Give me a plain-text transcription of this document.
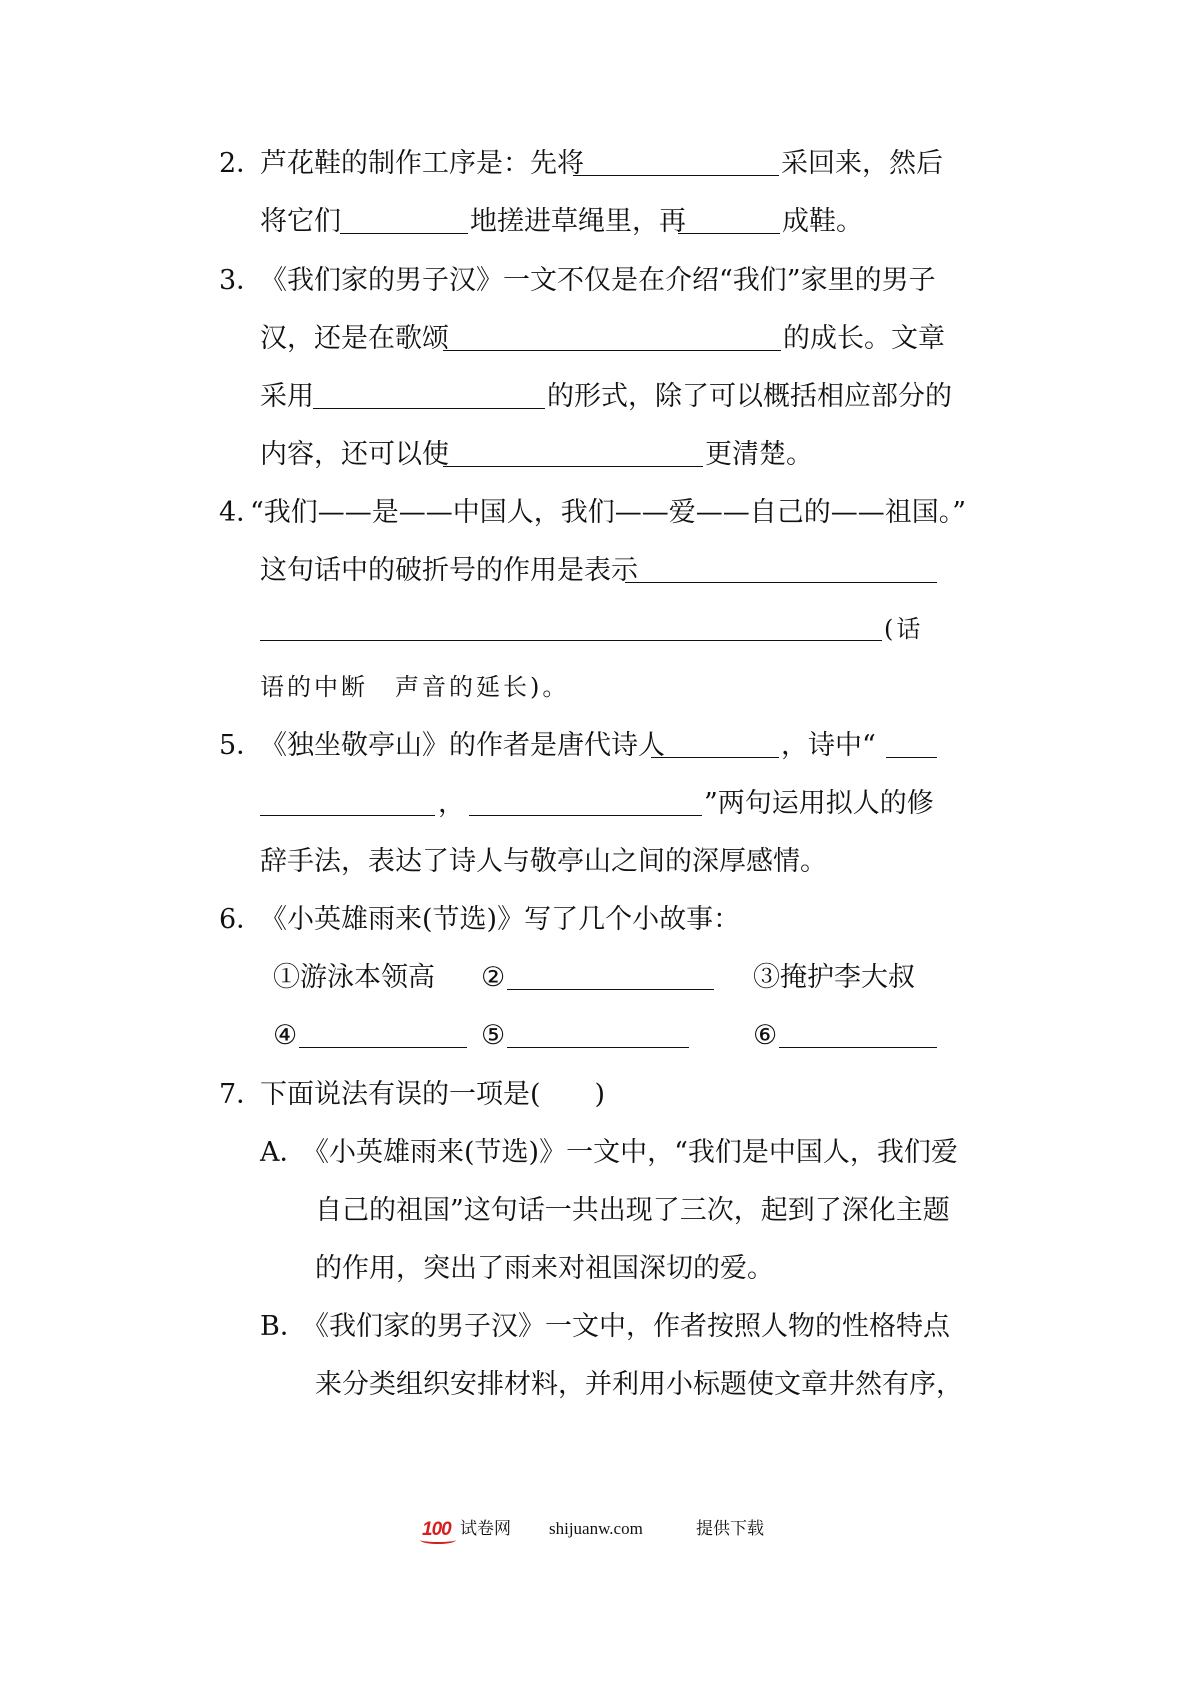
2．
芦花鞋的制作工序是：先将	采回来，然后
将它们	地搓进草绳里，再	成鞋。
3．
《我们家的男子汉》一文不仅是在介绍“我们”家里的男子
汉，还是在歌颂	的成长。文章
采用	的形式，除了可以概括相应部分的
内容，还可以使	更清楚。
4．
“我们——是——中国人，我们——爱——自己的——祖国。”
这句话中的破折号的作用是表示
(话
语的中断　声音的延长)。
5．
《独坐敬亭山》的作者是唐代诗人	，诗中“
，	”两句运用拟人的修
辞手法，表达了诗人与敬亭山之间的深厚感情。
6．
《小英雄雨来(节选)》写了几个小故事：
①游泳本领高 ②	③掩护李大叔
④	⑤	⑥
7．
下面说法有误的一项是(　　)
A．
《小英雄雨来(节选)》一文中，“我们是中国人，我们爱
自己的祖国”这句话一共出现了三次，起到了深化主题
的作用，突出了雨来对祖国深切的爱。
B．
《我们家的男子汉》一文中，作者按照人物的性格特点
来分类组织安排材料，并利用小标题使文章井然有序，
100 试卷网 shijuanw.com	提供下载
